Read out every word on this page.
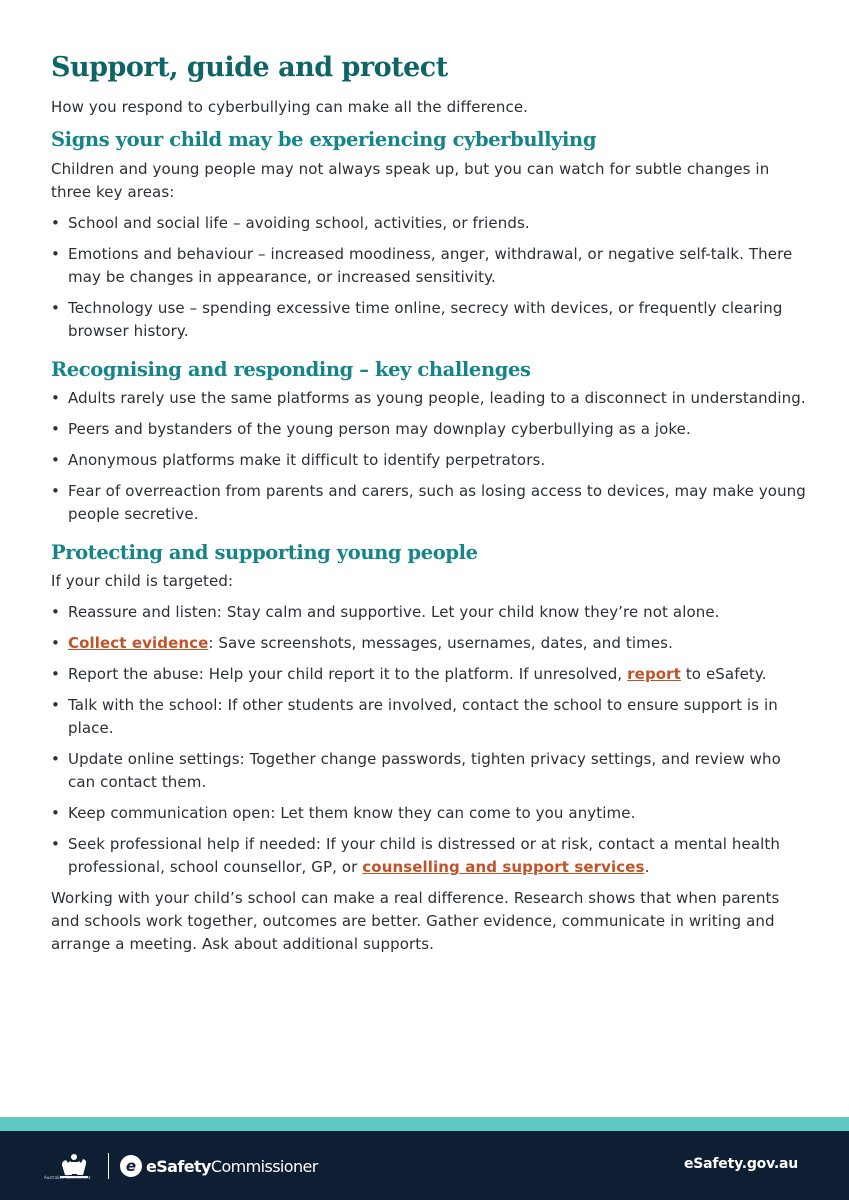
Support, guide and protect

How you respond to cyberbullying can make all the difference.

Signs your child may be experiencing cyberbullying

Children and young people may not always speak up, but you can watch for subtle changes in three key areas:

• School and social life – avoiding school, activities, or friends.
• Emotions and behaviour – increased moodiness, anger, withdrawal, or negative self-talk. There may be changes in appearance, or increased sensitivity.
• Technology use – spending excessive time online, secrecy with devices, or frequently clearing browser history.
Recognising and responding – key challenges
• Adults rarely use the same platforms as young people, leading to a disconnect in understanding.
• Peers and bystanders of the young person may downplay cyberbullying as a joke.
• Anonymous platforms make it difficult to identify perpetrators.
• Fear of overreaction from parents and carers, such as losing access to devices, may make young people secretive.
Protecting and supporting young people

If your child is targeted:

• Reassure and listen: Stay calm and supportive. Let your child know they’re not alone.
• Collect evidence: Save screenshots, messages, usernames, dates, and times.
• Report the abuse: Help your child report it to the platform. If unresolved, report to eSafety.
• Talk with the school: If other students are involved, contact the school to ensure support is in place.
• Update online settings: Together change passwords, tighten privacy settings, and review who can contact them.
• Keep communication open: Let them know they can come to you anytime.
• Seek professional help if needed: If your child is distressed or at risk, contact a mental health professional, school counsellor, GP, or counselling and support services.

Working with your child’s school can make a real difference. Research shows that when parents and schools work together, outcomes are better. Gather evidence, communicate in writing and arrange a meeting. Ask about additional supports.

Australian Government
e eSafetyCommissioner	eSafety.gov.au
